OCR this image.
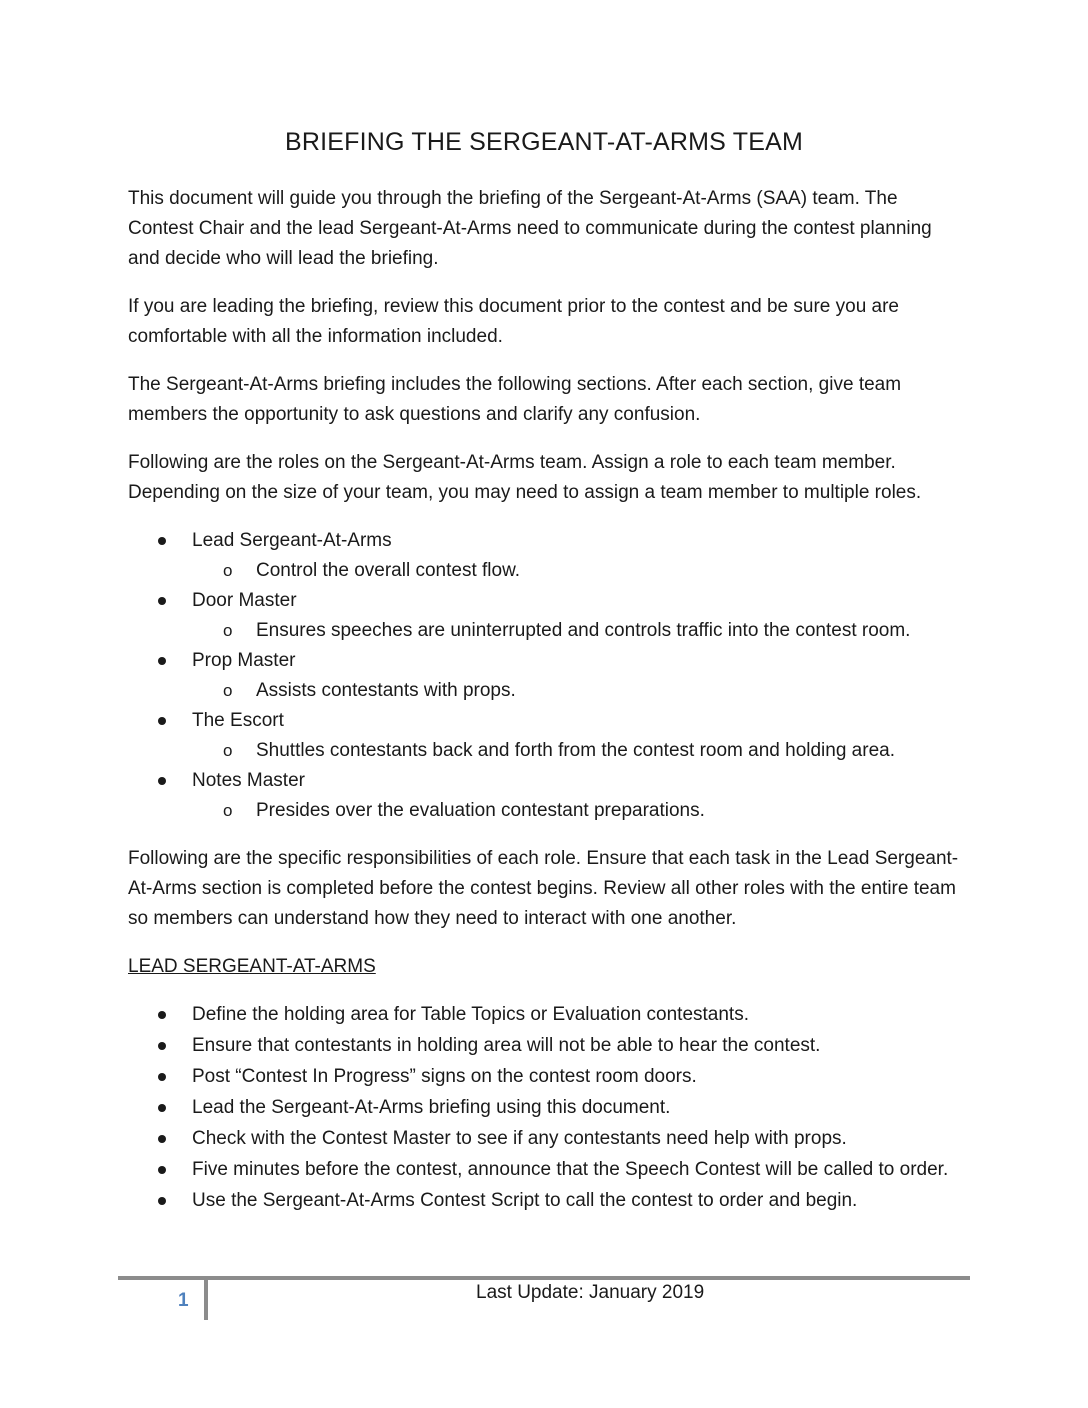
BRIEFING THE SERGEANT-AT-ARMS TEAM

This document will guide you through the briefing of the Sergeant-At-Arms (SAA) team. The Contest Chair and the lead Sergeant-At-Arms need to communicate during the contest planning and decide who will lead the briefing.

If you are leading the briefing, review this document prior to the contest and be sure you are comfortable with all the information included.

The Sergeant-At-Arms briefing includes the following sections. After each section, give team members the opportunity to ask questions and clarify any confusion.

Following are the roles on the Sergeant-At-Arms team. Assign a role to each team member. Depending on the size of your team, you may need to assign a team member to multiple roles.

Lead Sergeant-At-Arms
o Control the overall contest flow.
Door Master
o Ensures speeches are uninterrupted and controls traffic into the contest room.
Prop Master
o Assists contestants with props.
The Escort
o Shuttles contestants back and forth from the contest room and holding area.
Notes Master
o Presides over the evaluation contestant preparations.

Following are the specific responsibilities of each role. Ensure that each task in the Lead Sergeant-At-Arms section is completed before the contest begins. Review all other roles with the entire team so members can understand how they need to interact with one another.

LEAD SERGEANT-AT-ARMS

Define the holding area for Table Topics or Evaluation contestants.
Ensure that contestants in holding area will not be able to hear the contest.
Post “Contest In Progress” signs on the contest room doors.
Lead the Sergeant-At-Arms briefing using this document.
Check with the Contest Master to see if any contestants need help with props.
Five minutes before the contest, announce that the Speech Contest will be called to order.
Use the Sergeant-At-Arms Contest Script to call the contest to order and begin.
1	Last Update: January 2019
